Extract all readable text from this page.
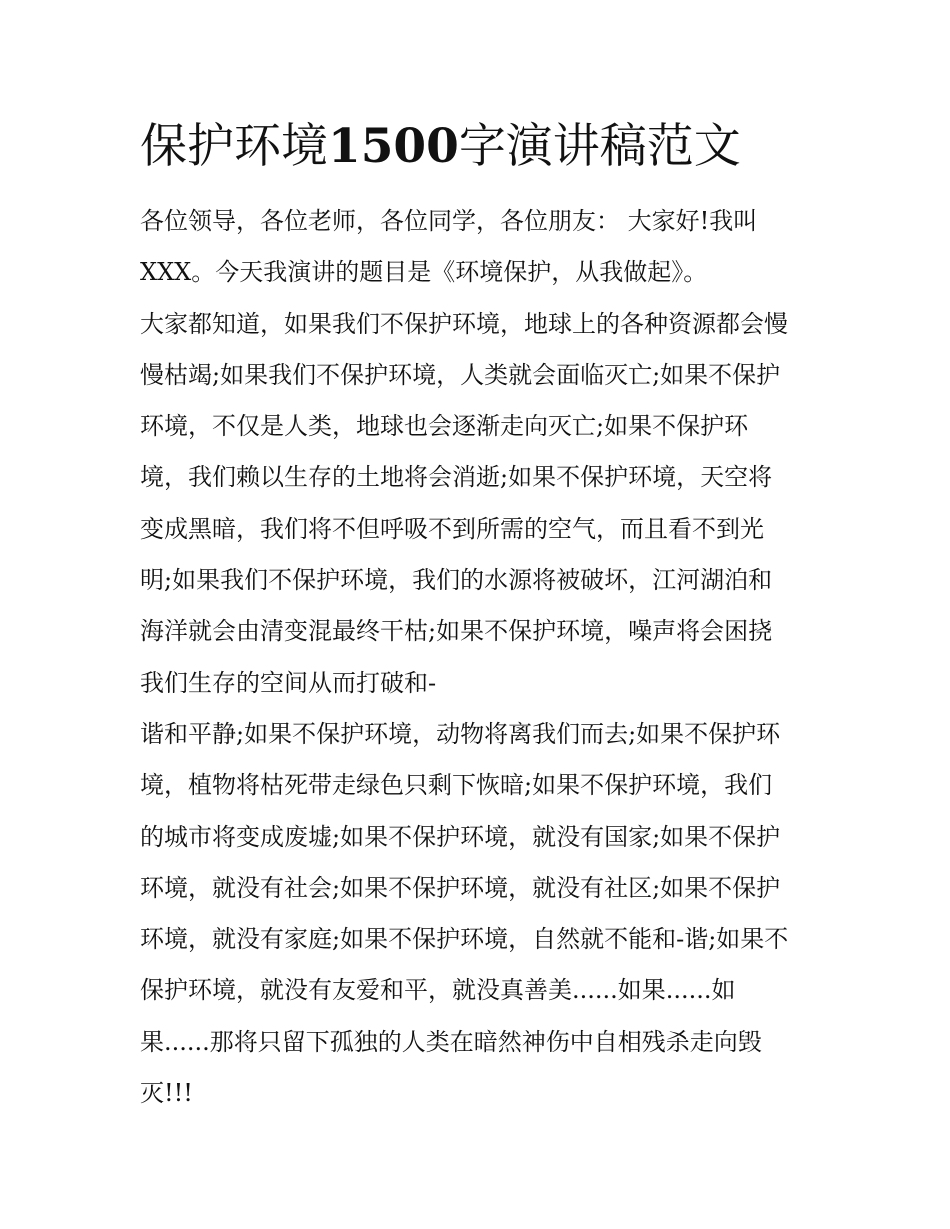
保护环境1500字演讲稿范文
各位领导，各位老师，各位同学，各位朋友： 大家好!我叫
XXX。今天我演讲的题目是《环境保护，从我做起》。
大家都知道，如果我们不保护环境，地球上的各种资源都会慢
慢枯竭;如果我们不保护环境，人类就会面临灭亡;如果不保护
环境，不仅是人类，地球也会逐渐走向灭亡;如果不保护环
境，我们赖以生存的土地将会消逝;如果不保护环境，天空将
变成黑暗，我们将不但呼吸不到所需的空气，而且看不到光
明;如果我们不保护环境，我们的水源将被破坏，江河湖泊和
海洋就会由清变混最终干枯;如果不保护环境，噪声将会困挠
我们生存的空间从而打破和-
谐和平静;如果不保护环境，动物将离我们而去;如果不保护环
境，植物将枯死带走绿色只剩下恢暗;如果不保护环境，我们
的城市将变成废墟;如果不保护环境，就没有国家;如果不保护
环境，就没有社会;如果不保护环境，就没有社区;如果不保护
环境，就没有家庭;如果不保护环境，自然就不能和-谐;如果不
保护环境，就没有友爱和平，就没真善美......如果......如
果......那将只留下孤独的人类在暗然神伤中自相残杀走向毁
灭!!!
